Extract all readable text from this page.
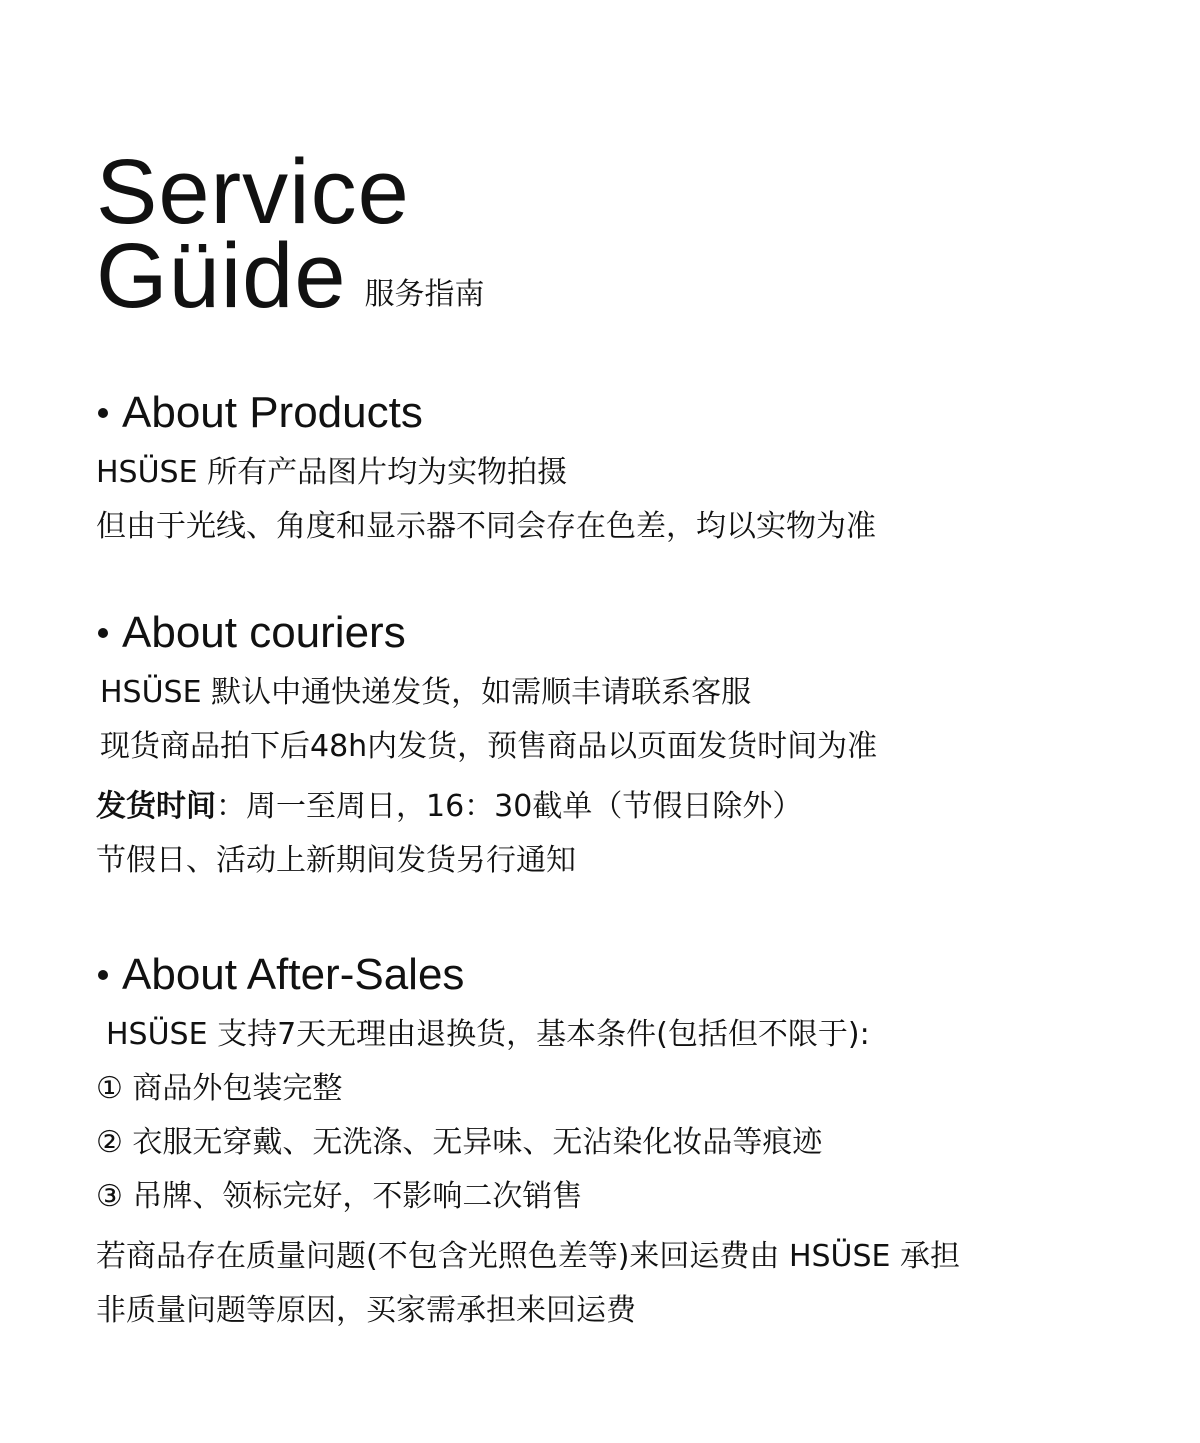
Service
Güide 服务指南
About Products
HSÜSE 所有产品图片均为实物拍摄
但由于光线、角度和显示器不同会存在色差，均以实物为准
About couriers
HSÜSE 默认中通快递发货，如需顺丰请联系客服
现货商品拍下后48h内发货，预售商品以页面发货时间为准
发货时间：周一至周日，16：30截单（节假日除外）
节假日、活动上新期间发货另行通知
About After-Sales
HSÜSE 支持7天无理由退换货，基本条件(包括但不限于):
① 商品外包装完整
② 衣服无穿戴、无洗涤、无异味、无沾染化妆品等痕迹
③ 吊牌、领标完好，不影响二次销售
若商品存在质量问题(不包含光照色差等)来回运费由 HSÜSE 承担
非质量问题等原因，买家需承担来回运费
